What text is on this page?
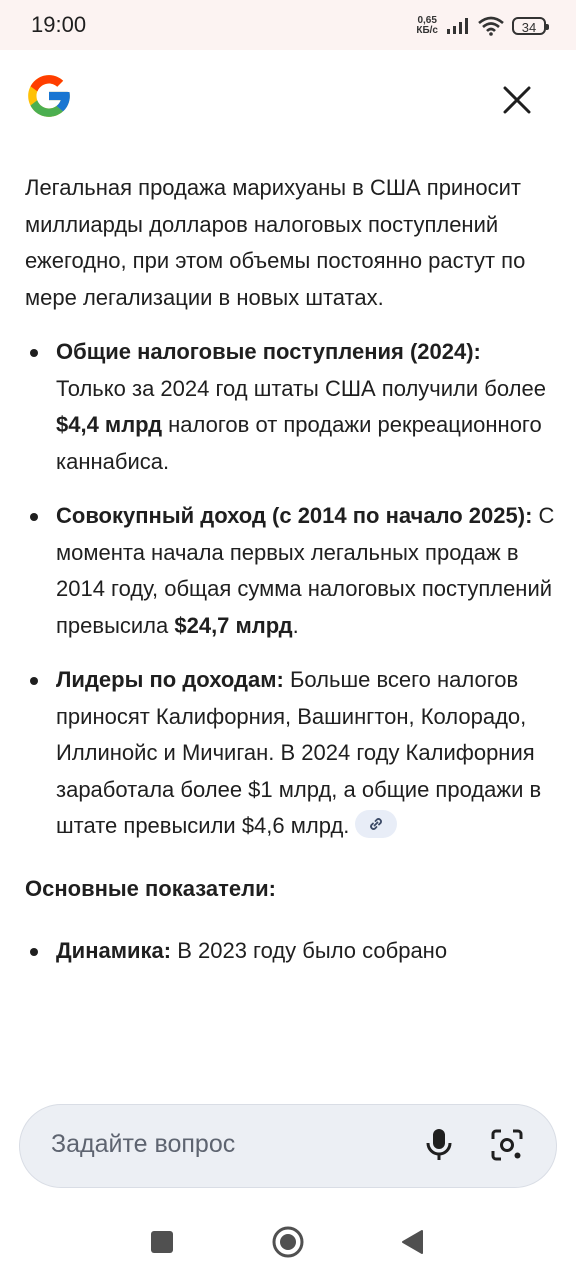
19:00	0,65
КБ/с	34

Легальная продажа марихуаны в США приносит миллиарды долларов налоговых поступлений ежегодно, при этом объемы постоянно растут по мере легализации в новых штатах.

Общие налоговые поступления (2024): Только за 2024 год штаты США получили более $4,4 млрд налогов от продажи рекреационного каннабиса.
Совокупный доход (с 2014 по начало 2025): С момента начала первых легальных продаж в 2014 году, общая сумма налоговых поступлений превысила $24,7 млрд.
Лидеры по доходам: Больше всего налогов приносят Калифорния, Вашингтон, Колорадо, Иллинойс и Мичиган. В 2024 году Калифорния заработала более $1 млрд, а общие продажи в штате превысили $4,6 млрд.

Основные показатели:

Динамика: В 2023 году было собрано
Задайте вопрос
